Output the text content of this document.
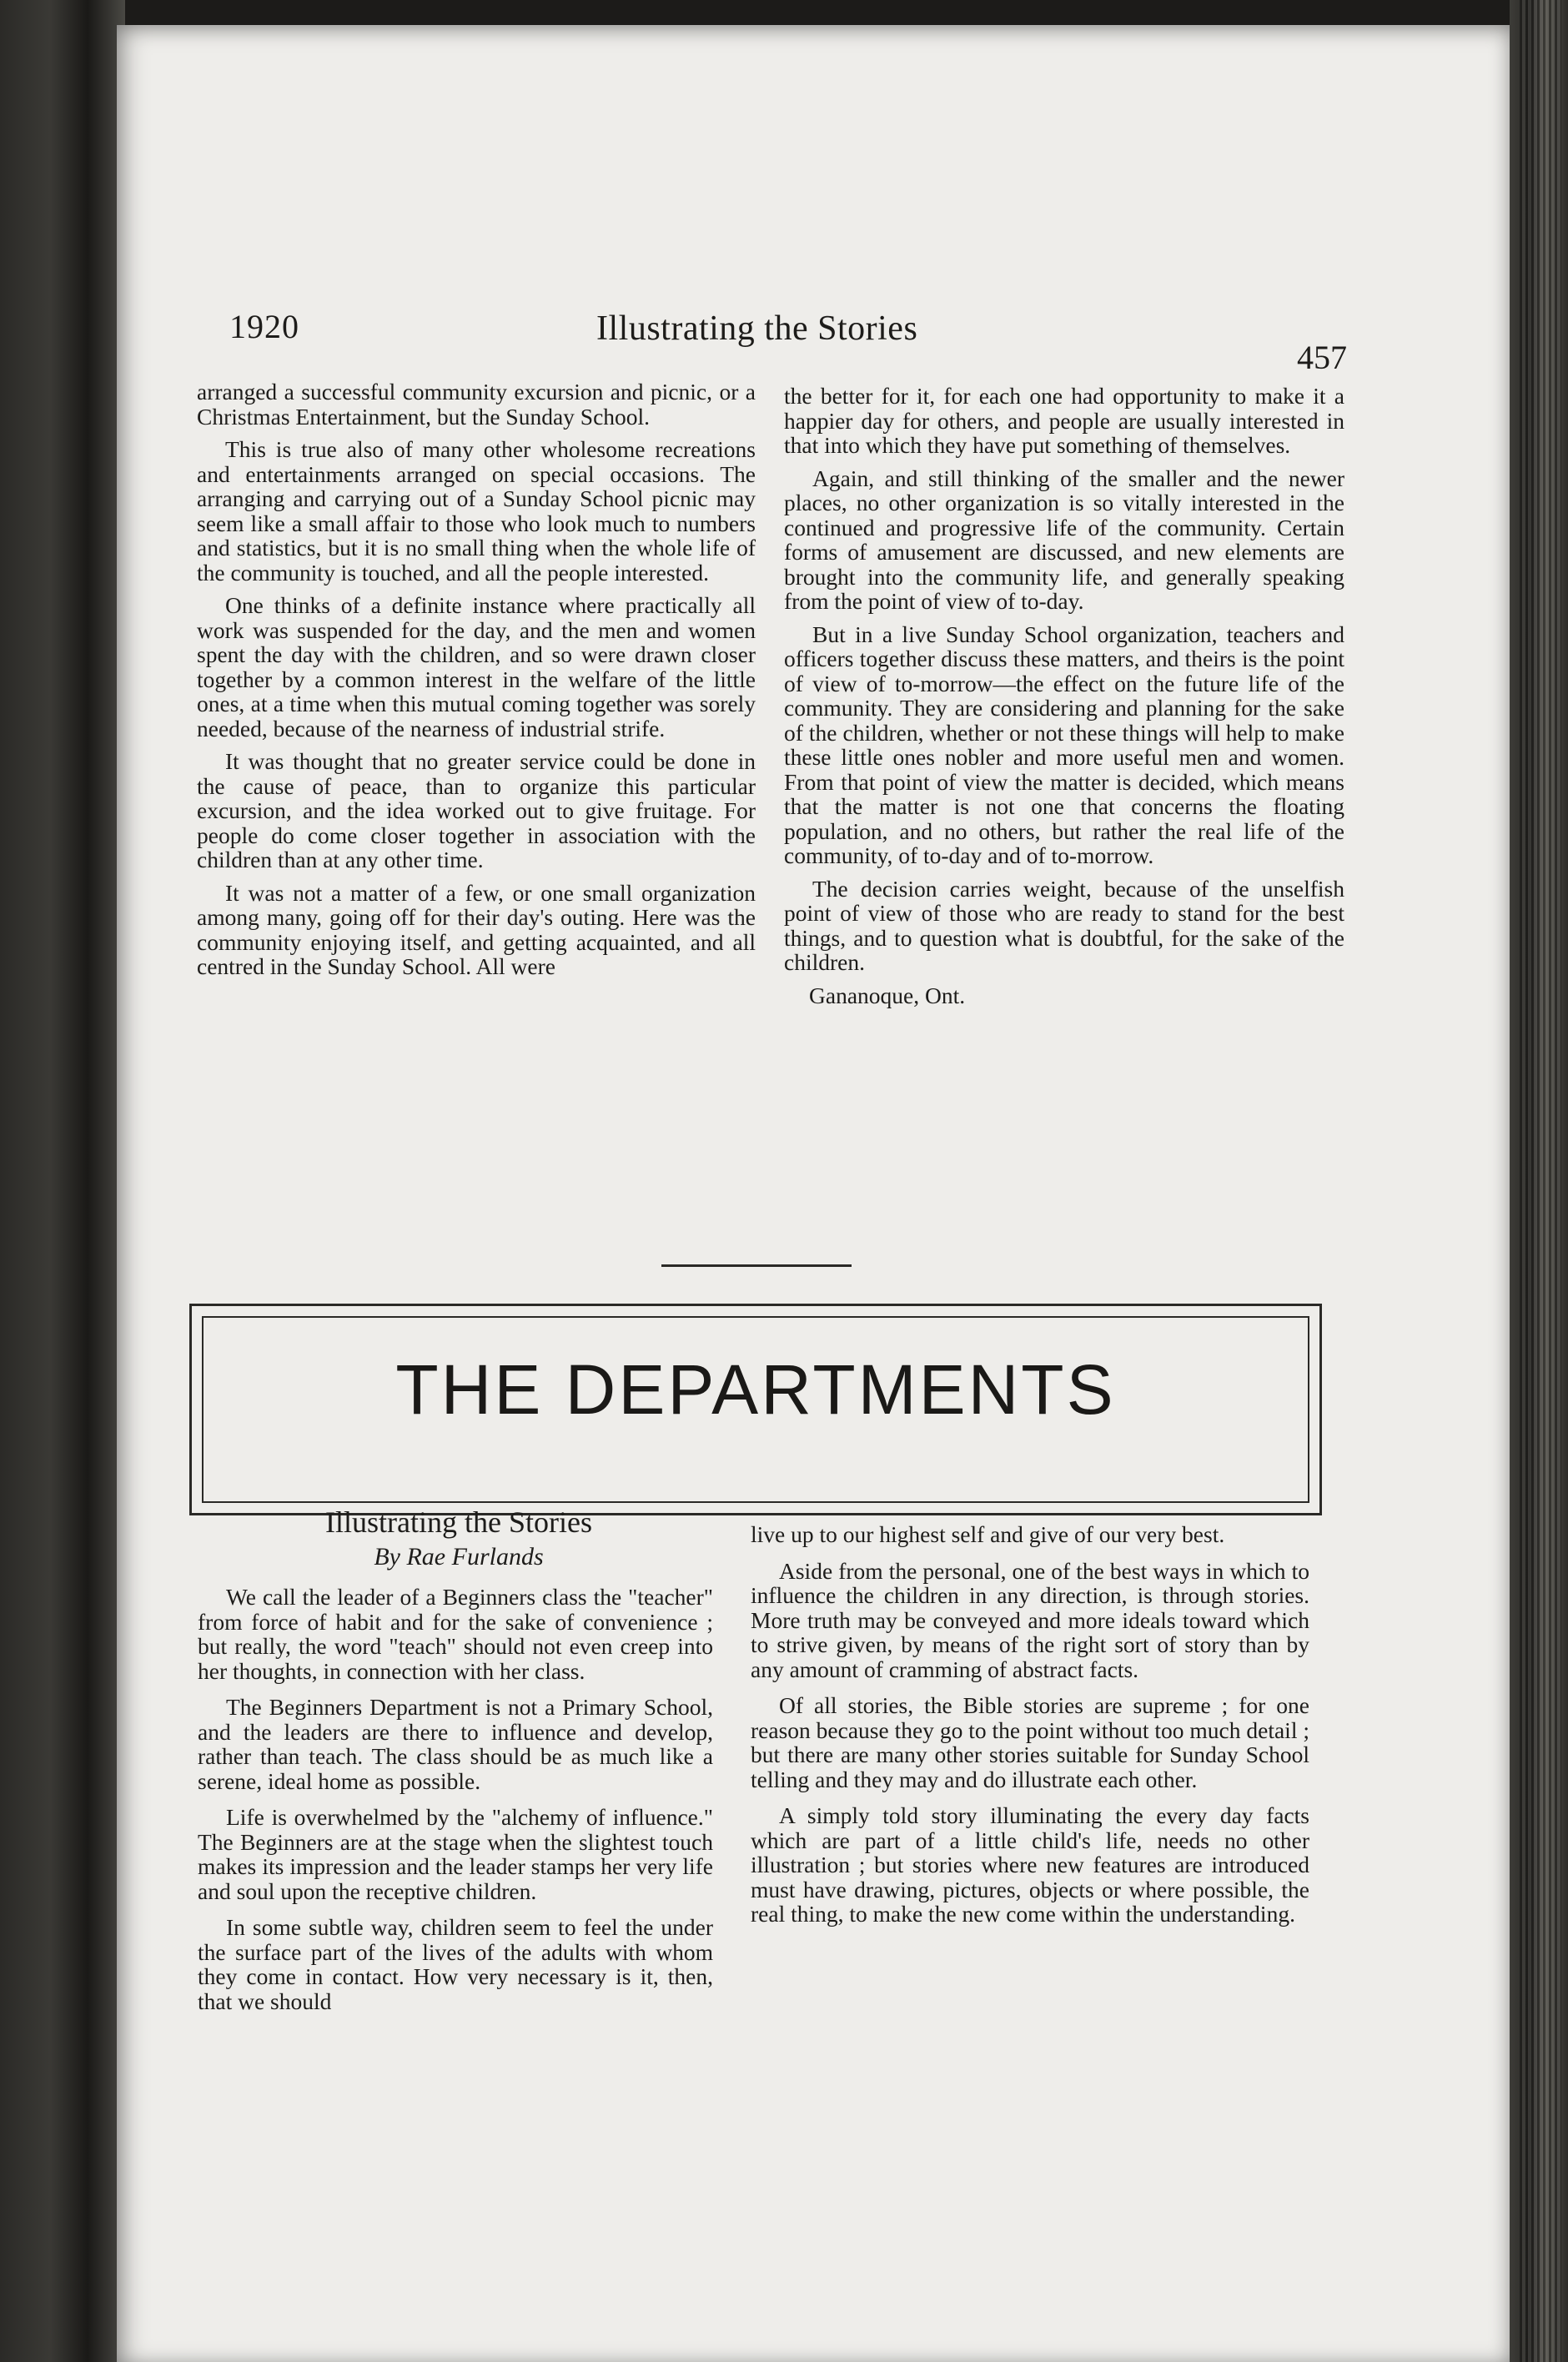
1920	Illustrating the Stories
457

arranged a successful community excursion and picnic, or a Christmas Entertainment, but the Sunday School.

This is true also of many other wholesome recreations and entertainments arranged on special occasions. The arranging and carrying out of a Sunday School picnic may seem like a small affair to those who look much to numbers and statistics, but it is no small thing when the whole life of the community is touched, and all the people interested.

One thinks of a definite instance where practically all work was suspended for the day, and the men and women spent the day with the children, and so were drawn closer together by a common interest in the welfare of the little ones, at a time when this mutual coming together was sorely needed, because of the nearness of industrial strife.

It was thought that no greater service could be done in the cause of peace, than to organize this particular excursion, and the idea worked out to give fruitage. For people do come closer together in association with the children than at any other time.

It was not a matter of a few, or one small organization among many, going off for their day's outing. Here was the community enjoying itself, and getting acquainted, and all centred in the Sunday School. All were

the better for it, for each one had opportunity to make it a happier day for others, and people are usually interested in that into which they have put something of themselves.

Again, and still thinking of the smaller and the newer places, no other organization is so vitally interested in the continued and progressive life of the community. Certain forms of amusement are discussed, and new elements are brought into the community life, and generally speaking from the point of view of to-day.

But in a live Sunday School organization, teachers and officers together discuss these matters, and theirs is the point of view of to-morrow—the effect on the future life of the community. They are considering and planning for the sake of the children, whether or not these things will help to make these little ones nobler and more useful men and women. From that point of view the matter is decided, which means that the matter is not one that concerns the floating population, and no others, but rather the real life of the community, of to-day and of to-morrow.

The decision carries weight, because of the unselfish point of view of those who are ready to stand for the best things, and to question what is doubtful, for the sake of the children.

Gananoque, Ont.

THE DEPARTMENTS
Illustrating the Stories
By Rae Furlands

We call the leader of a Beginners class the "teacher" from force of habit and for the sake of convenience ; but really, the word "teach" should not even creep into her thoughts, in connection with her class.

The Beginners Department is not a Primary School, and the leaders are there to influence and develop, rather than teach. The class should be as much like a serene, ideal home as possible.

Life is overwhelmed by the "alchemy of influence." The Beginners are at the stage when the slightest touch makes its impression and the leader stamps her very life and soul upon the receptive children.

In some subtle way, children seem to feel the under the surface part of the lives of the adults with whom they come in contact. How very necessary is it, then, that we should

live up to our highest self and give of our very best.

Aside from the personal, one of the best ways in which to influence the children in any direction, is through stories. More truth may be conveyed and more ideals toward which to strive given, by means of the right sort of story than by any amount of cramming of abstract facts.

Of all stories, the Bible stories are supreme ; for one reason because they go to the point without too much detail ; but there are many other stories suitable for Sunday School telling and they may and do illustrate each other.

A simply told story illuminating the every day facts which are part of a little child's life, needs no other illustration ; but stories where new features are introduced must have drawing, pictures, objects or where possible, the real thing, to make the new come within the understanding.
